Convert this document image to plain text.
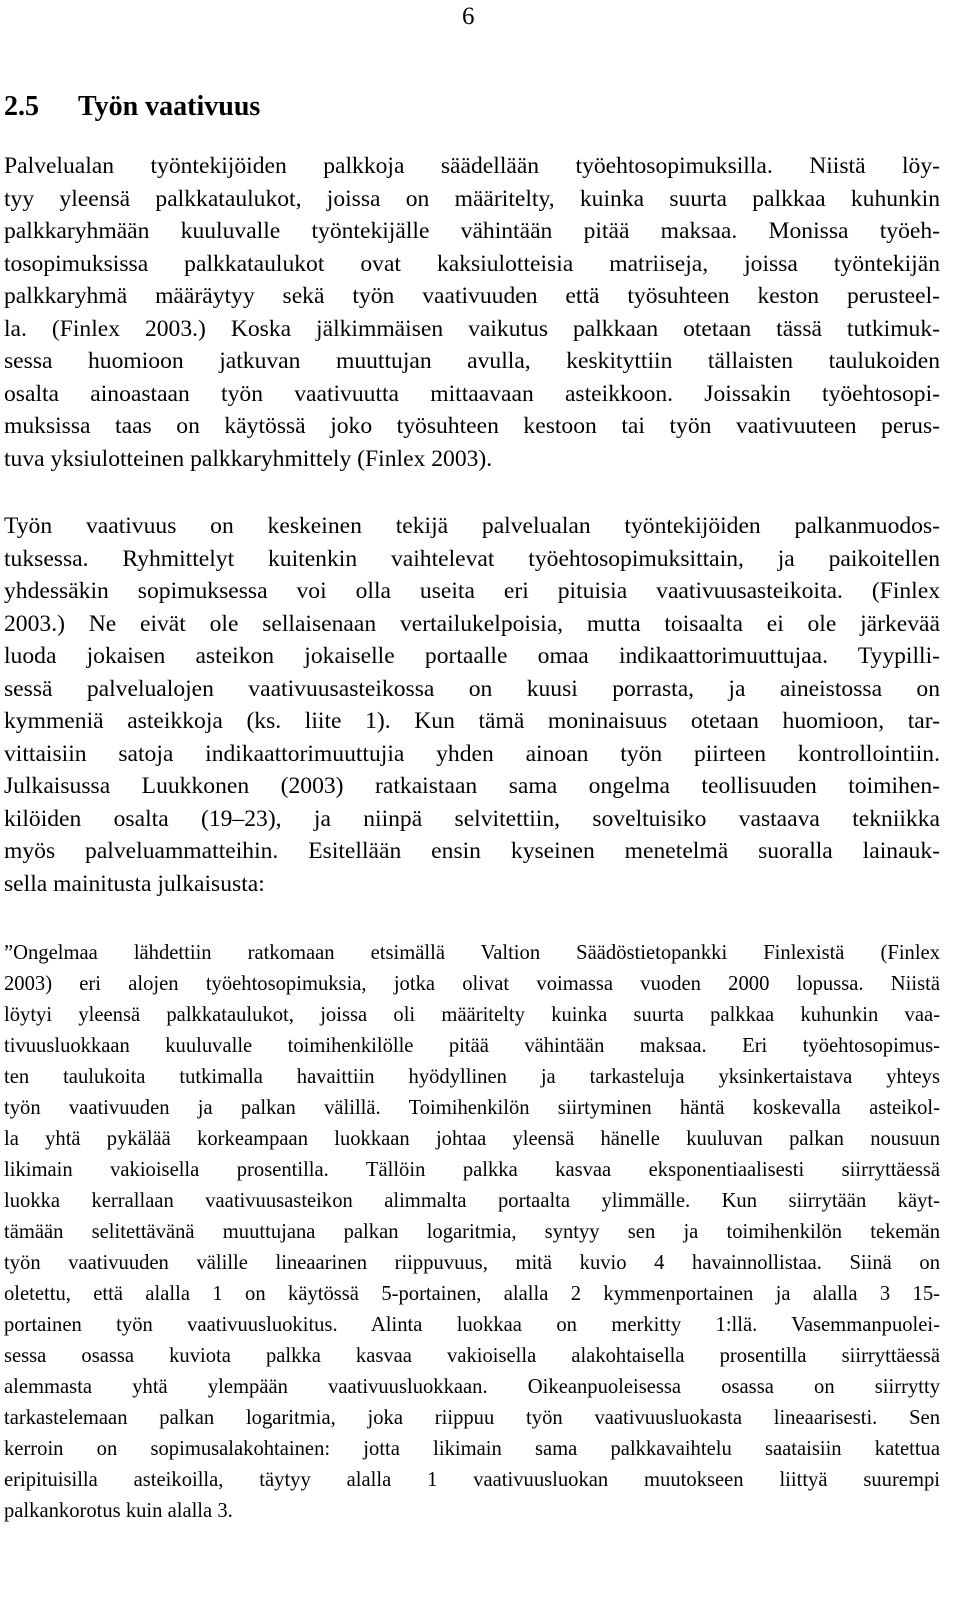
6
2.5 Työn vaativuus

Palvelualan työntekijöiden palkkoja säädellään työehtosopimuksilla. Niistä löy-
tyy yleensä palkkataulukot, joissa on määritelty, kuinka suurta palkkaa kuhunkin
palkkaryhmään kuuluvalle työntekijälle vähintään pitää maksaa. Monissa työeh-
tosopimuksissa palkkataulukot ovat kaksiulotteisia matriiseja, joissa työntekijän
palkkaryhmä määräytyy sekä työn vaativuuden että työsuhteen keston perusteel-
la. (Finlex 2003.) Koska jälkimmäisen vaikutus palkkaan otetaan tässä tutkimuk-
sessa huomioon jatkuvan muuttujan avulla, keskityttiin tällaisten taulukoiden
osalta ainoastaan työn vaativuutta mittaavaan asteikkoon. Joissakin työehtosopi-
muksissa taas on käytössä joko työsuhteen kestoon tai työn vaativuuteen perus-
tuva yksiulotteinen palkkaryhmittely (Finlex 2003).

Työn vaativuus on keskeinen tekijä palvelualan työntekijöiden palkanmuodos-
tuksessa. Ryhmittelyt kuitenkin vaihtelevat työehtosopimuksittain, ja paikoitellen
yhdessäkin sopimuksessa voi olla useita eri pituisia vaativuusasteikoita. (Finlex
2003.) Ne eivät ole sellaisenaan vertailukelpoisia, mutta toisaalta ei ole järkevää
luoda jokaisen asteikon jokaiselle portaalle omaa indikaattorimuuttujaa. Tyypilli-
sessä palvelualojen vaativuusasteikossa on kuusi porrasta, ja aineistossa on
kymmeniä asteikkoja (ks. liite 1). Kun tämä moninaisuus otetaan huomioon, tar-
vittaisiin satoja indikaattorimuuttujia yhden ainoan työn piirteen kontrollointiin.
Julkaisussa Luukkonen (2003) ratkaistaan sama ongelma teollisuuden toimihen-
kilöiden osalta (19–23), ja niinpä selvitettiin, soveltuisiko vastaava tekniikka
myös palveluammatteihin. Esitellään ensin kyseinen menetelmä suoralla lainauk-
sella mainitusta julkaisusta:

”Ongelmaa lähdettiin ratkomaan etsimällä Valtion Säädöstietopankki Finlexistä (Finlex
2003) eri alojen työehtosopimuksia, jotka olivat voimassa vuoden 2000 lopussa. Niistä
löytyi yleensä palkkataulukot, joissa oli määritelty kuinka suurta palkkaa kuhunkin vaa-
tivuusluokkaan kuuluvalle toimihenkilölle pitää vähintään maksaa. Eri työehtosopimus-
ten taulukoita tutkimalla havaittiin hyödyllinen ja tarkasteluja yksinkertaistava yhteys
työn vaativuuden ja palkan välillä. Toimihenkilön siirtyminen häntä koskevalla asteikol-
la yhtä pykälää korkeampaan luokkaan johtaa yleensä hänelle kuuluvan palkan nousuun
likimain vakioisella prosentilla. Tällöin palkka kasvaa eksponentiaalisesti siirryttäessä
luokka kerrallaan vaativuusasteikon alimmalta portaalta ylimmälle. Kun siirrytään käyt-
tämään selitettävänä muuttujana palkan logaritmia, syntyy sen ja toimihenkilön tekemän
työn vaativuuden välille lineaarinen riippuvuus, mitä kuvio 4 havainnollistaa. Siinä on
oletettu, että alalla 1 on käytössä 5-portainen, alalla 2 kymmenportainen ja alalla 3 15-
portainen työn vaativuusluokitus. Alinta luokkaa on merkitty 1:llä. Vasemmanpuolei-
sessa osassa kuviota palkka kasvaa vakioisella alakohtaisella prosentilla siirryttäessä
alemmasta yhtä ylempään vaativuusluokkaan. Oikeanpuoleisessa osassa on siirrytty
tarkastelemaan palkan logaritmia, joka riippuu työn vaativuusluokasta lineaarisesti. Sen
kerroin on sopimusalakohtainen: jotta likimain sama palkkavaihtelu saataisiin katettua
eripituisilla asteikoilla, täytyy alalla 1 vaativuusluokan muutokseen liittyä suurempi
palkankorotus kuin alalla 3.
